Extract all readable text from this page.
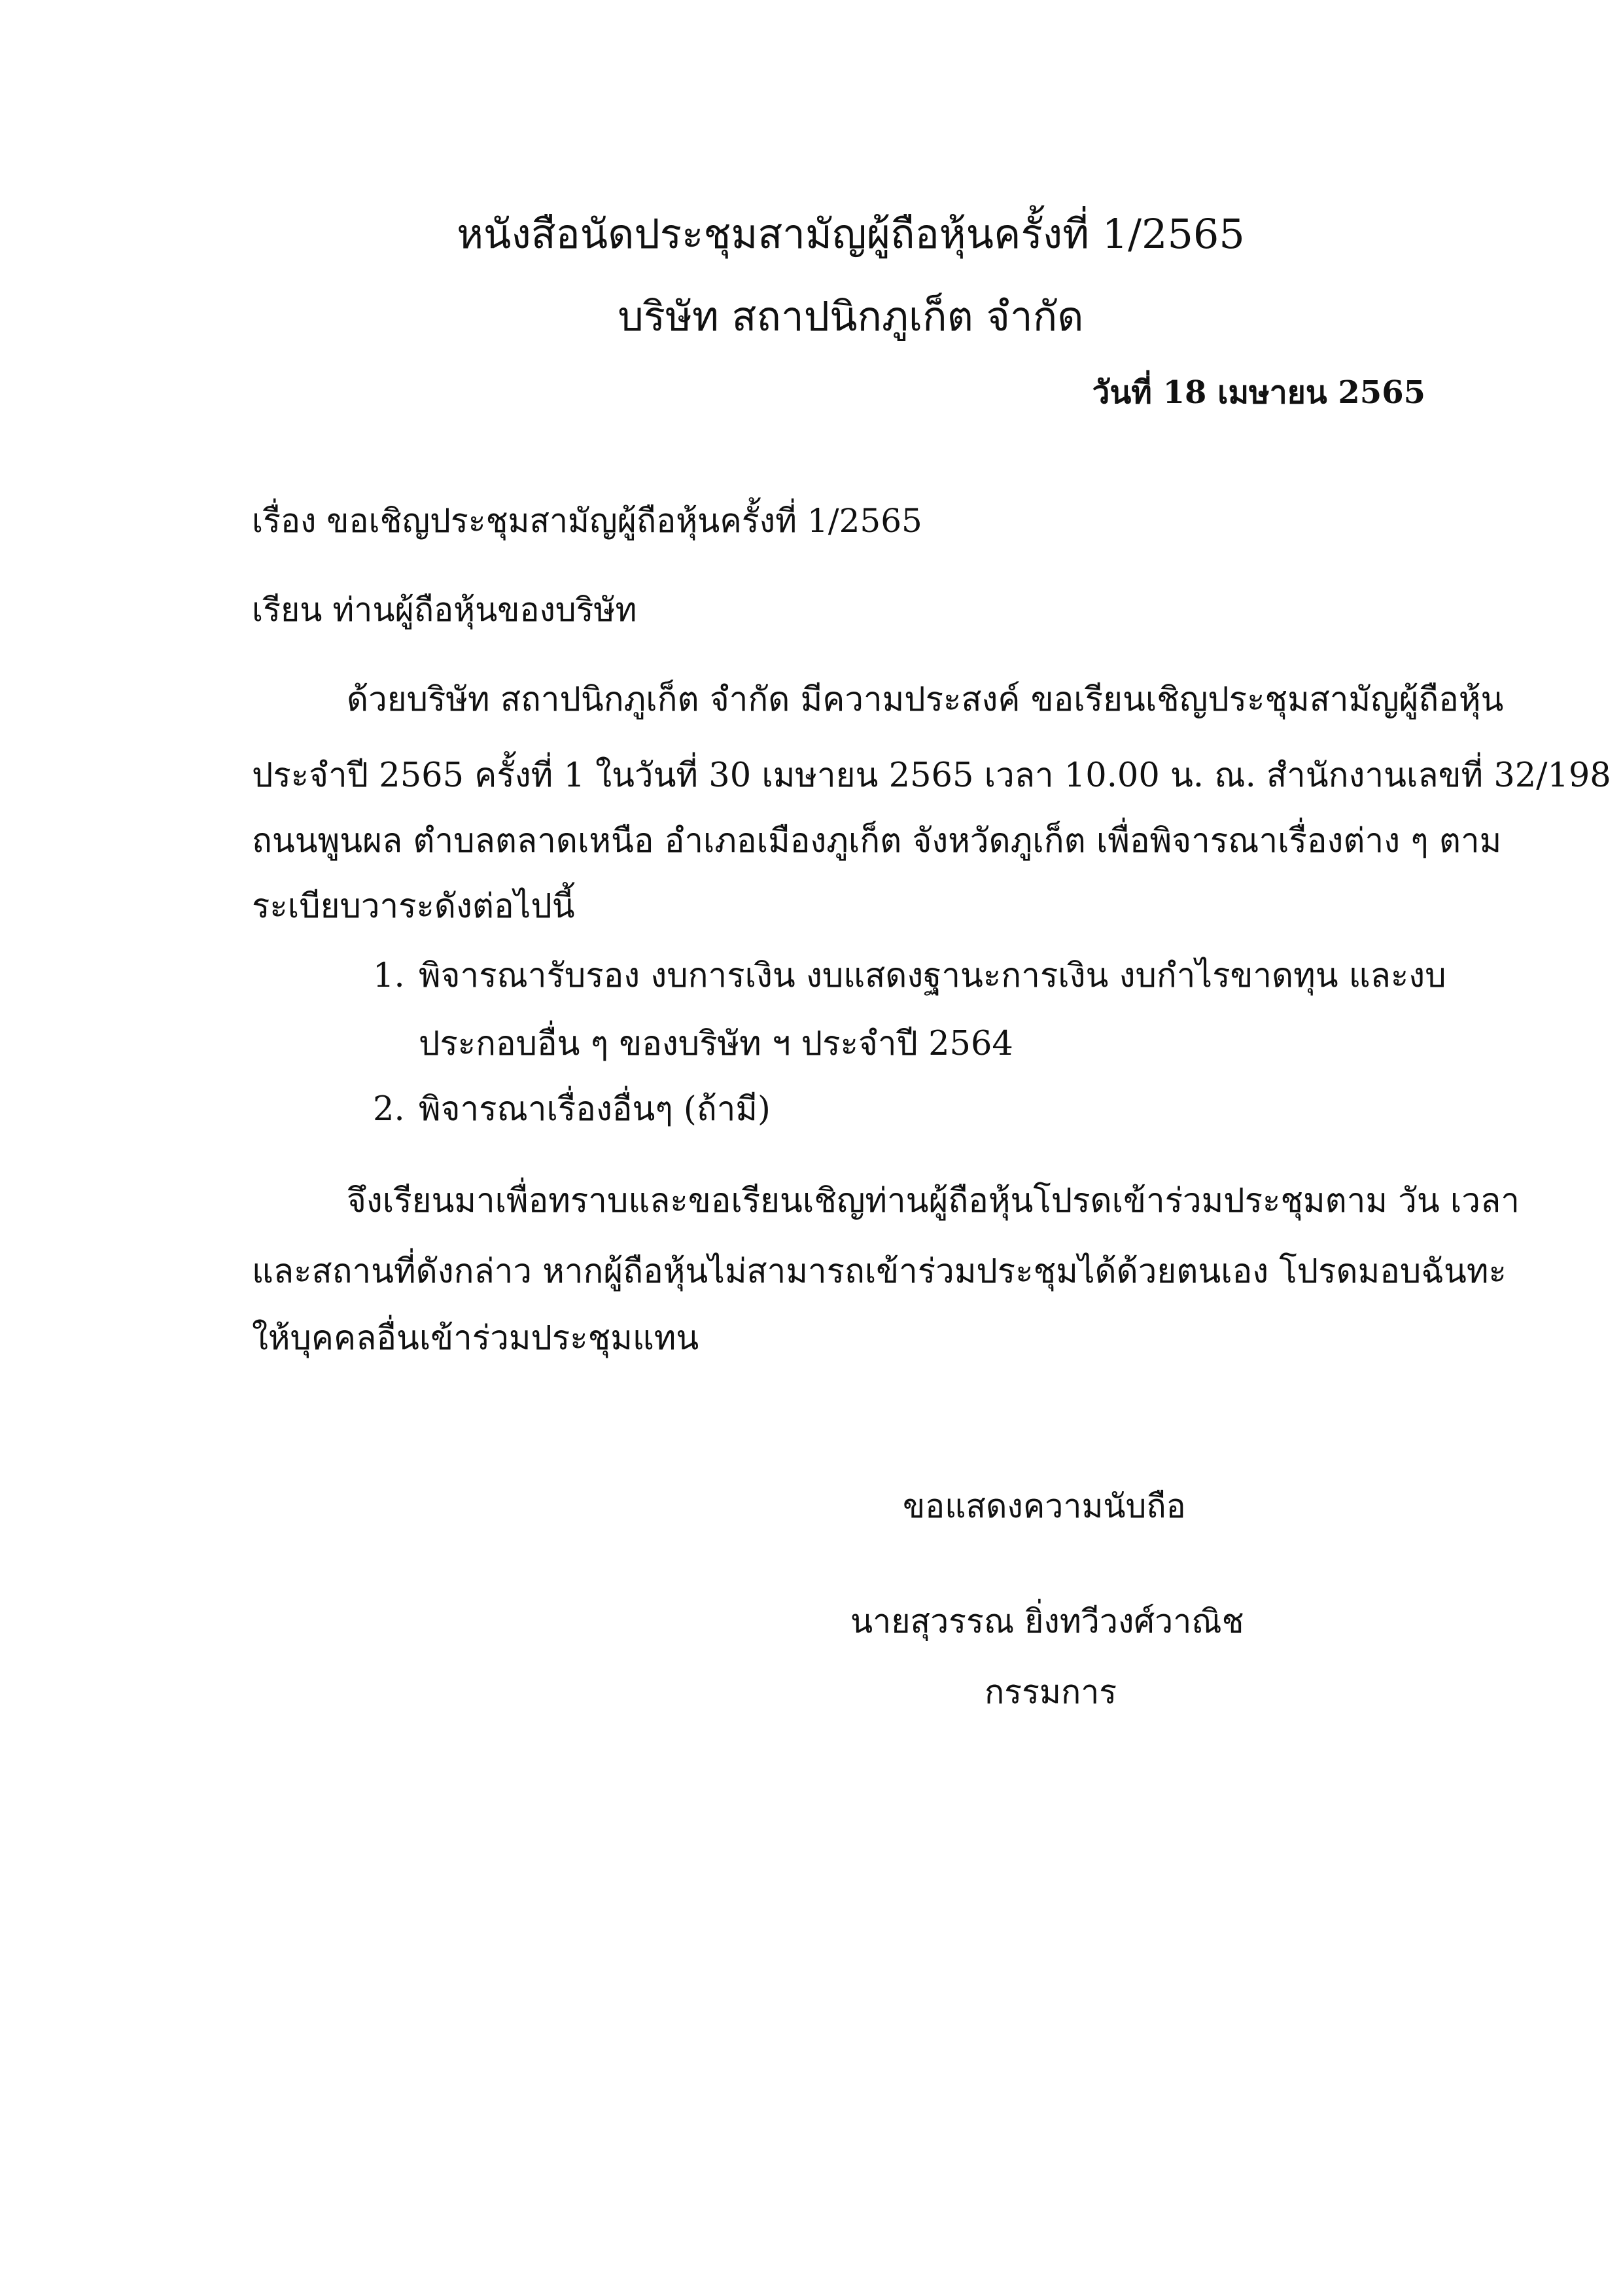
หนังสือนัดประชุมสามัญผู้ถือหุ้นครั้งที่ 1/2565
บริษัท สถาปนิกภูเก็ต จำกัด
วันที่ 18 เมษายน 2565
เรื่อง ขอเชิญประชุมสามัญผู้ถือหุ้นครั้งที่ 1/2565
เรียน ท่านผู้ถือหุ้นของบริษัท
ด้วยบริษัท สถาปนิกภูเก็ต จำกัด มีความประสงค์ ขอเรียนเชิญประชุมสามัญผู้ถือหุ้น
ประจำปี 2565 ครั้งที่ 1 ในวันที่ 30 เมษายน 2565 เวลา 10.00 น. ณ. สำนักงานเลขที่ 32/198
ถนนพูนผล ตำบลตลาดเหนือ อำเภอเมืองภูเก็ต จังหวัดภูเก็ต เพื่อพิจารณาเรื่องต่าง ๆ ตาม
ระเบียบวาระดังต่อไปนี้
1. พิจารณารับรอง งบการเงิน งบแสดงฐานะการเงิน งบกำไรขาดทุน และงบ
ประกอบอื่น ๆ ของบริษัท ฯ ประจำปี 2564
2. พิจารณาเรื่องอื่นๆ (ถ้ามี)
จึงเรียนมาเพื่อทราบและขอเรียนเชิญท่านผู้ถือหุ้นโปรดเข้าร่วมประชุมตาม วัน เวลา
และสถานที่ดังกล่าว หากผู้ถือหุ้นไม่สามารถเข้าร่วมประชุมได้ด้วยตนเอง โปรดมอบฉันทะ
ให้บุคคลอื่นเข้าร่วมประชุมแทน
ขอแสดงความนับถือ
นายสุวรรณ ยิ่งทวีวงศ์วาณิช
กรรมการ
